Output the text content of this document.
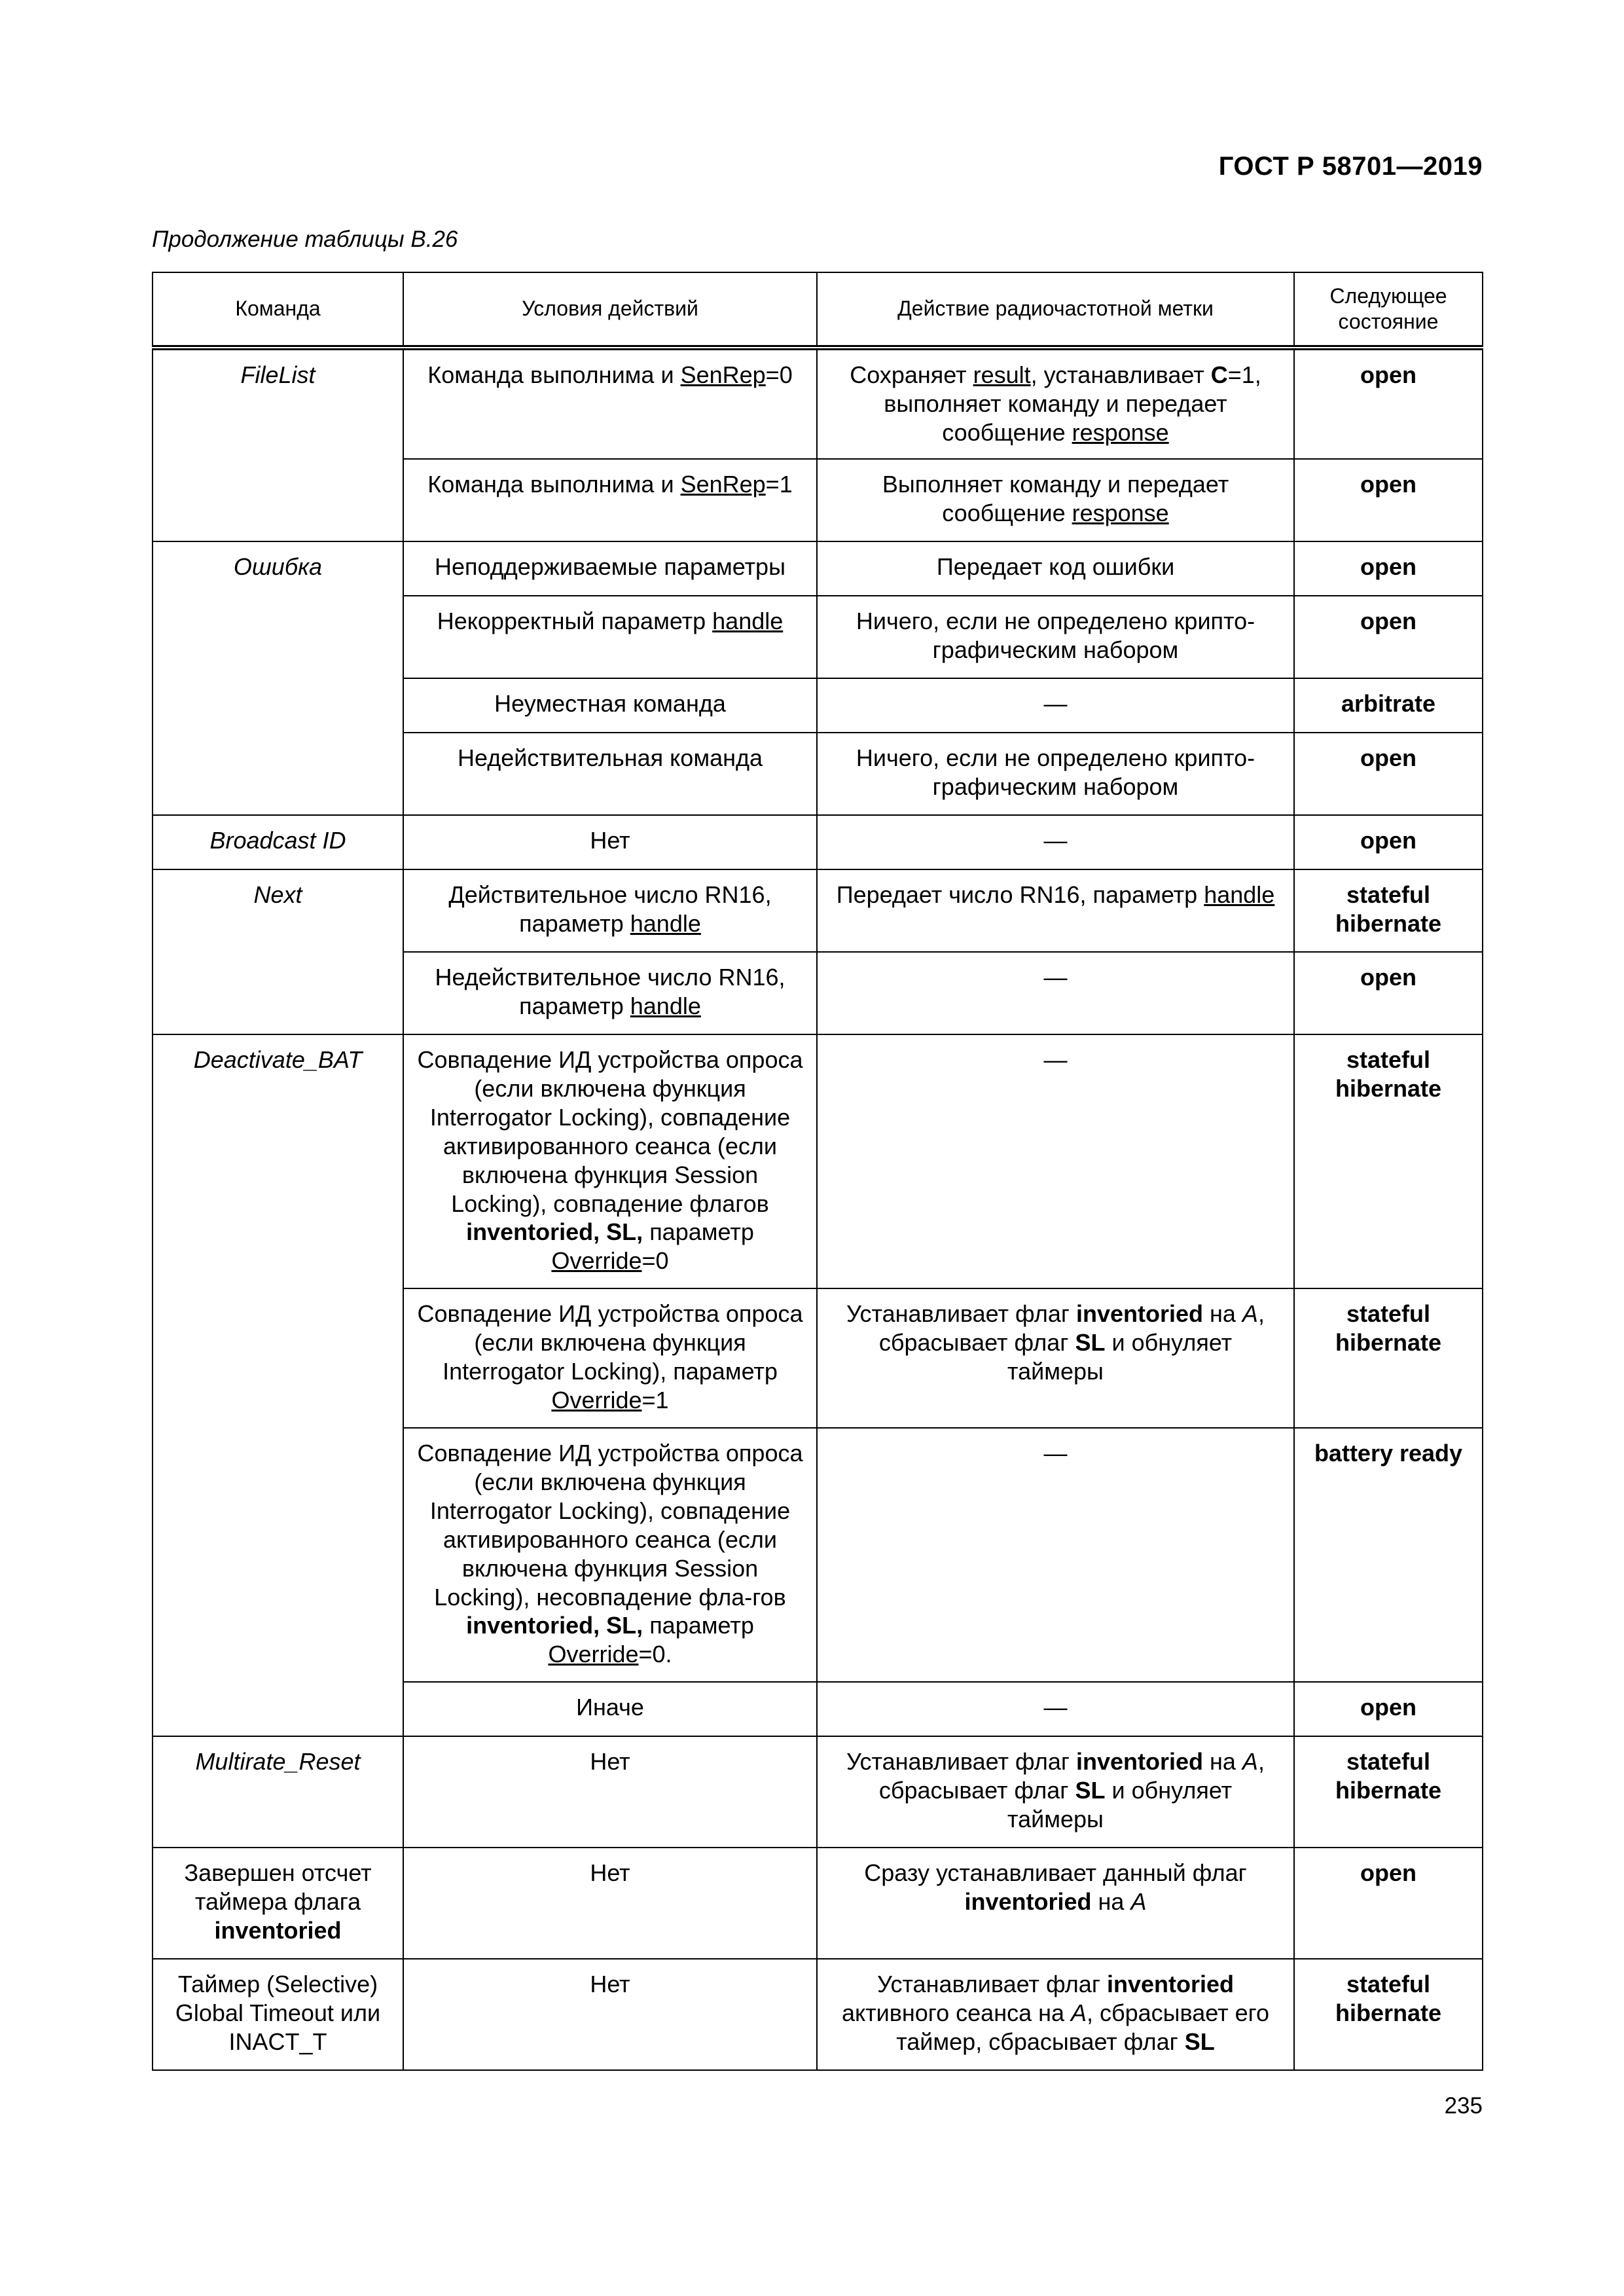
ГОСТ Р 58701—2019
Продолжение таблицы В.26
Команда	Условия действий	Действие радиочастотной метки	Следующее состояние
FileList	Команда выполнима и SenRep=0	Сохраняет result, устанавливает C=1, выполняет команду и передает сообщение response	open
	Команда выполнима и SenRep=1	Выполняет команду и передает сообщение response	open
Ошибка	Неподдерживаемые параметры	Передает код ошибки	open
	Некорректный параметр handle	Ничего, если не определено крипто-графическим набором	open
	Неуместная команда	—	arbitrate
	Недействительная команда	Ничего, если не определено крипто-графическим набором	open
Broadcast ID	Нет	—	open
Next	Действительное число RN16, параметр handle	Передает число RN16, параметр handle	stateful hibernate
	Недействительное число RN16, параметр handle	—	open
Deactivate_BAT	Совпадение ИД устройства опроса (если включена функция Interrogator Locking), совпадение активированного сеанса (если включена функция Session Locking), совпадение флагов inventoried, SL, параметр Override=0	—	stateful hibernate
	Совпадение ИД устройства опроса (если включена функция Interrogator Locking), параметр Override=1	Устанавливает флаг inventoried на A, сбрасывает флаг SL и обнуляет таймеры	stateful hibernate
	Совпадение ИД устройства опроса (если включена функция Interrogator Locking), совпадение активированного сеанса (если включена функция Session Locking), несовпадение фла-гов inventoried, SL, параметр Override=0.	—	battery ready
	Иначе	—	open
Multirate_Reset	Нет	Устанавливает флаг inventoried на A, сбрасывает флаг SL и обнуляет таймеры	stateful hibernate
Завершен отсчет таймера флага inventoried	Нет	Сразу устанавливает данный флаг inventoried на A	open
Таймер (Selective) Global Timeout или INACT_T	Нет	Устанавливает флаг inventoried активного сеанса на A, сбрасывает его таймер, сбрасывает флаг SL	stateful hibernate
235
